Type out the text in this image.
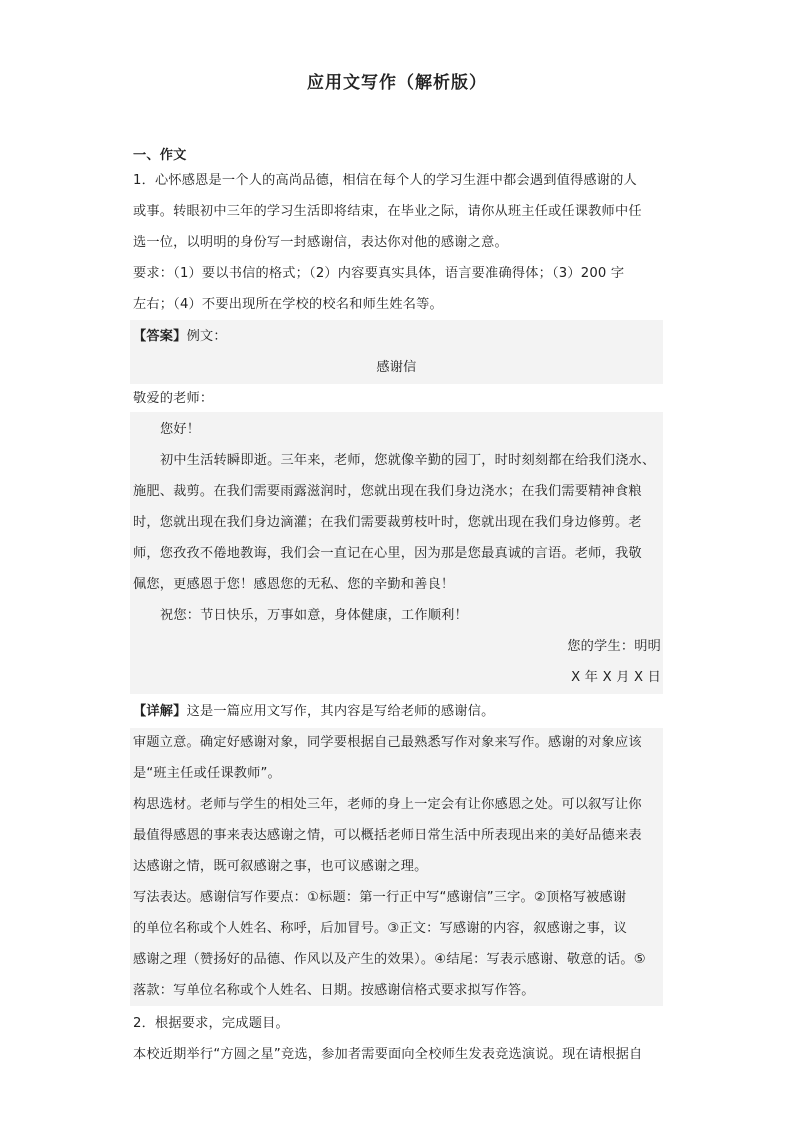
应用文写作（解析版）
一、作文
1．心怀感恩是一个人的高尚品德，相信在每个人的学习生涯中都会遇到值得感谢的人
或事。转眼初中三年的学习生活即将结束，在毕业之际，请你从班主任或任课教师中任
选一位，以明明的身份写一封感谢信，表达你对他的感谢之意。
要求：（1）要以书信的格式；（2）内容要真实具体，语言要准确得体；（3）200 字
左右；（4）不要出现所在学校的校名和师生姓名等。
【答案】例文：
感谢信
敬爱的老师：
您好！
初中生活转瞬即逝。三年来，老师，您就像辛勤的园丁，时时刻刻都在给我们浇水、
施肥、裁剪。在我们需要雨露滋润时，您就出现在我们身边浇水；在我们需要精神食粮
时，您就出现在我们身边滴灌；在我们需要裁剪枝叶时，您就出现在我们身边修剪。老
师，您孜孜不倦地教诲，我们会一直记在心里，因为那是您最真诚的言语。老师，我敬
佩您，更感恩于您！感恩您的无私、您的辛勤和善良！
祝您：节日快乐，万事如意，身体健康，工作顺利！
您的学生：明明
X 年 X 月 X 日
【详解】这是一篇应用文写作，其内容是写给老师的感谢信。
审题立意。确定好感谢对象，同学要根据自己最熟悉写作对象来写作。感谢的对象应该
是“班主任或任课教师”。
构思选材。老师与学生的相处三年，老师的身上一定会有让你感恩之处。可以叙写让你
最值得感恩的事来表达感谢之情，可以概括老师日常生活中所表现出来的美好品德来表
达感谢之情，既可叙感谢之事，也可议感谢之理。
写法表达。感谢信写作要点：①标题：第一行正中写“感谢信”三字。②顶格写被感谢
的单位名称或个人姓名、称呼，后加冒号。③正文：写感谢的内容，叙感谢之事，议
感谢之理（赞扬好的品德、作风以及产生的效果）。④结尾：写表示感谢、敬意的话。⑤
落款：写单位名称或个人姓名、日期。按感谢信格式要求拟写作答。
2．根据要求，完成题目。
本校近期举行“方圆之星”竞选，参加者需要面向全校师生发表竞选演说。现在请根据自
